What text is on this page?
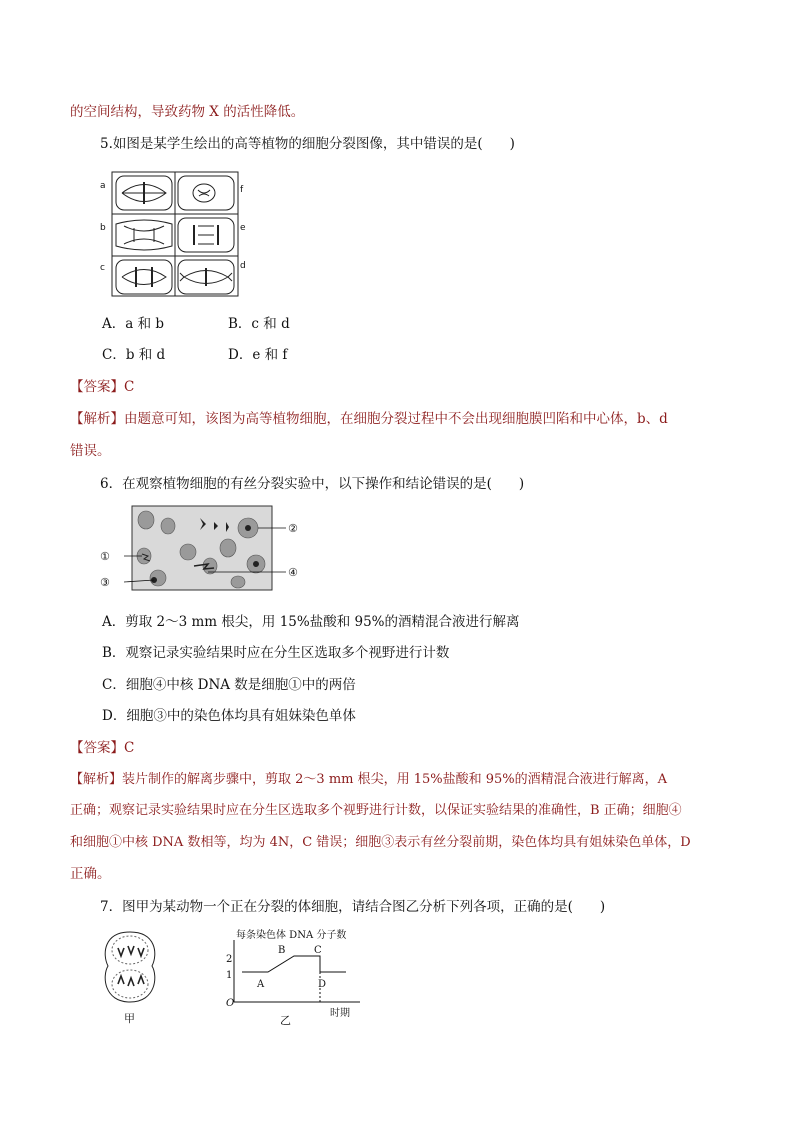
的空间结构，导致药物 X 的活性降低。
5.如图是某学生绘出的高等植物的细胞分裂图像，其中错误的是(　　)
a
b
c
f
e
d
A．a 和 b	B．c 和 d
C．b 和 d	D．e 和 f
【答案】C
【解析】由题意可知，该图为高等植物细胞，在细胞分裂过程中不会出现细胞膜凹陷和中心体，b、d
错误。
6．在观察植物细胞的有丝分裂实验中，以下操作和结论错误的是(　　)
①
②
③
④
A．剪取 2～3 mm 根尖，用 15%盐酸和 95%的酒精混合液进行解离
B．观察记录实验结果时应在分生区选取多个视野进行计数
C．细胞④中核 DNA 数是细胞①中的两倍
D．细胞③中的染色体均具有姐妹染色单体
【答案】C
【解析】装片制作的解离步骤中，剪取 2～3 mm 根尖，用 15%盐酸和 95%的酒精混合液进行解离，A
正确；观察记录实验结果时应在分生区选取多个视野进行计数，以保证实验结果的准确性，B 正确；细胞④
和细胞①中核 DNA 数相等，均为 4N，C 错误；细胞③表示有丝分裂前期，染色体均具有姐妹染色单体，D
正确。
7．图甲为某动物一个正在分裂的体细胞，请结合图乙分析下列各项，正确的是(　　)
甲
每条染色体 DNA 分子数
2
1
O
时期
A
B	C
D
乙
